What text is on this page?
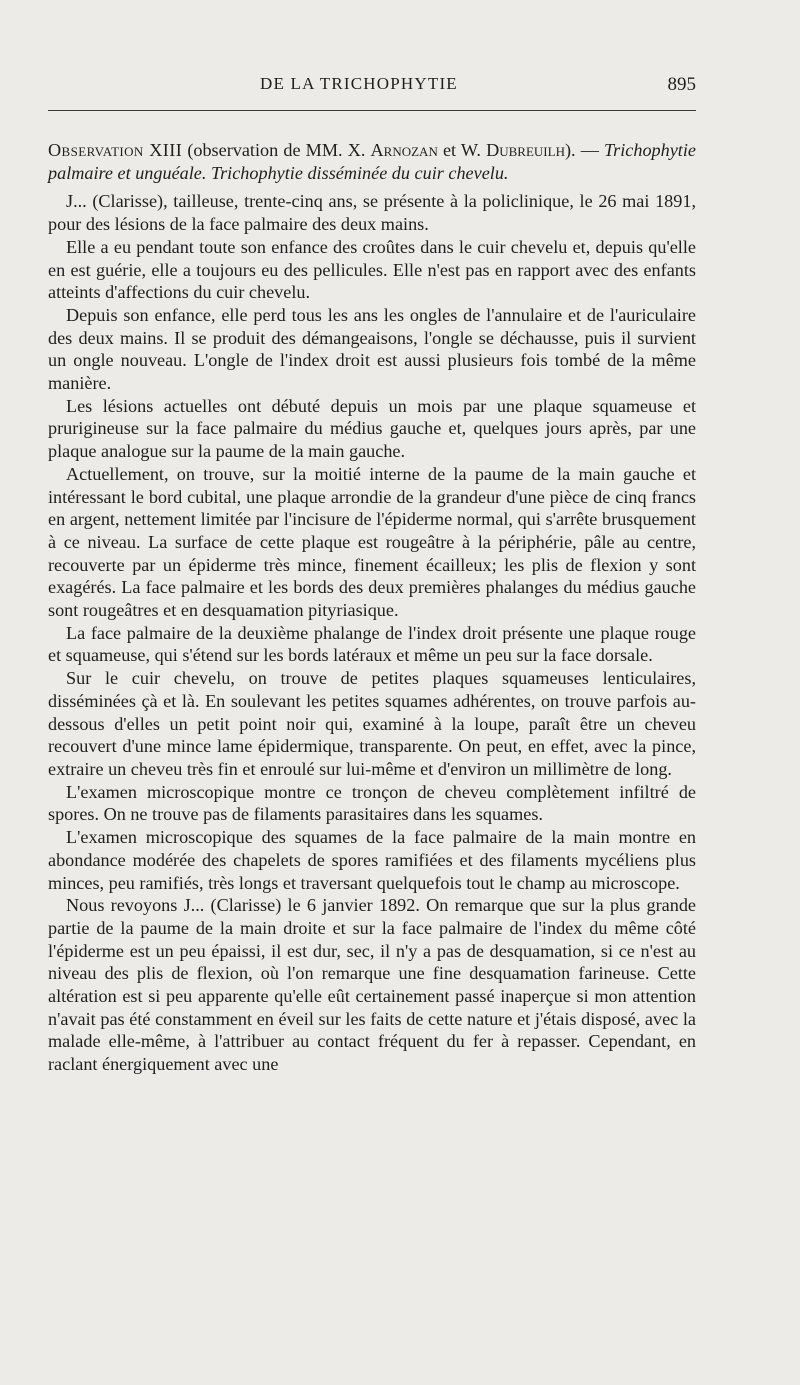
DE LA TRICHOPHYTIE	895

Observation XIII (observation de MM. X. Arnozan et W. Dubreuilh). — Trichophytie palmaire et unguéale. Trichophytie disséminée du cuir chevelu.

J... (Clarisse), tailleuse, trente-cinq ans, se présente à la policlinique, le 26 mai 1891, pour des lésions de la face palmaire des deux mains.

Elle a eu pendant toute son enfance des croûtes dans le cuir chevelu et, depuis qu'elle en est guérie, elle a toujours eu des pellicules. Elle n'est pas en rapport avec des enfants atteints d'affections du cuir chevelu.

Depuis son enfance, elle perd tous les ans les ongles de l'annulaire et de l'auriculaire des deux mains. Il se produit des démangeaisons, l'ongle se déchausse, puis il survient un ongle nouveau. L'ongle de l'index droit est aussi plusieurs fois tombé de la même manière.

Les lésions actuelles ont débuté depuis un mois par une plaque squameuse et prurigineuse sur la face palmaire du médius gauche et, quelques jours après, par une plaque analogue sur la paume de la main gauche.

Actuellement, on trouve, sur la moitié interne de la paume de la main gauche et intéressant le bord cubital, une plaque arrondie de la grandeur d'une pièce de cinq francs en argent, nettement limitée par l'incisure de l'épiderme normal, qui s'arrête brusquement à ce niveau. La surface de cette plaque est rougeâtre à la périphérie, pâle au centre, recouverte par un épiderme très mince, finement écailleux; les plis de flexion y sont exagérés. La face palmaire et les bords des deux premières phalanges du médius gauche sont rougeâtres et en desquamation pityriasique.

La face palmaire de la deuxième phalange de l'index droit présente une plaque rouge et squameuse, qui s'étend sur les bords latéraux et même un peu sur la face dorsale.

Sur le cuir chevelu, on trouve de petites plaques squameuses lenticulaires, disséminées çà et là. En soulevant les petites squames adhérentes, on trouve parfois au-dessous d'elles un petit point noir qui, examiné à la loupe, paraît être un cheveu recouvert d'une mince lame épidermique, transparente. On peut, en effet, avec la pince, extraire un cheveu très fin et enroulé sur lui-même et d'environ un millimètre de long.

L'examen microscopique montre ce tronçon de cheveu complètement infiltré de spores. On ne trouve pas de filaments parasitaires dans les squames.

L'examen microscopique des squames de la face palmaire de la main montre en abondance modérée des chapelets de spores ramifiées et des filaments mycéliens plus minces, peu ramifiés, très longs et traversant quelquefois tout le champ au microscope.

Nous revoyons J... (Clarisse) le 6 janvier 1892. On remarque que sur la plus grande partie de la paume de la main droite et sur la face palmaire de l'index du même côté l'épiderme est un peu épaissi, il est dur, sec, il n'y a pas de desquamation, si ce n'est au niveau des plis de flexion, où l'on remarque une fine desquamation farineuse. Cette altération est si peu apparente qu'elle eût certainement passé inaperçue si mon attention n'avait pas été constamment en éveil sur les faits de cette nature et j'étais disposé, avec la malade elle-même, à l'attribuer au contact fréquent du fer à repasser. Cependant, en raclant énergiquement avec une
